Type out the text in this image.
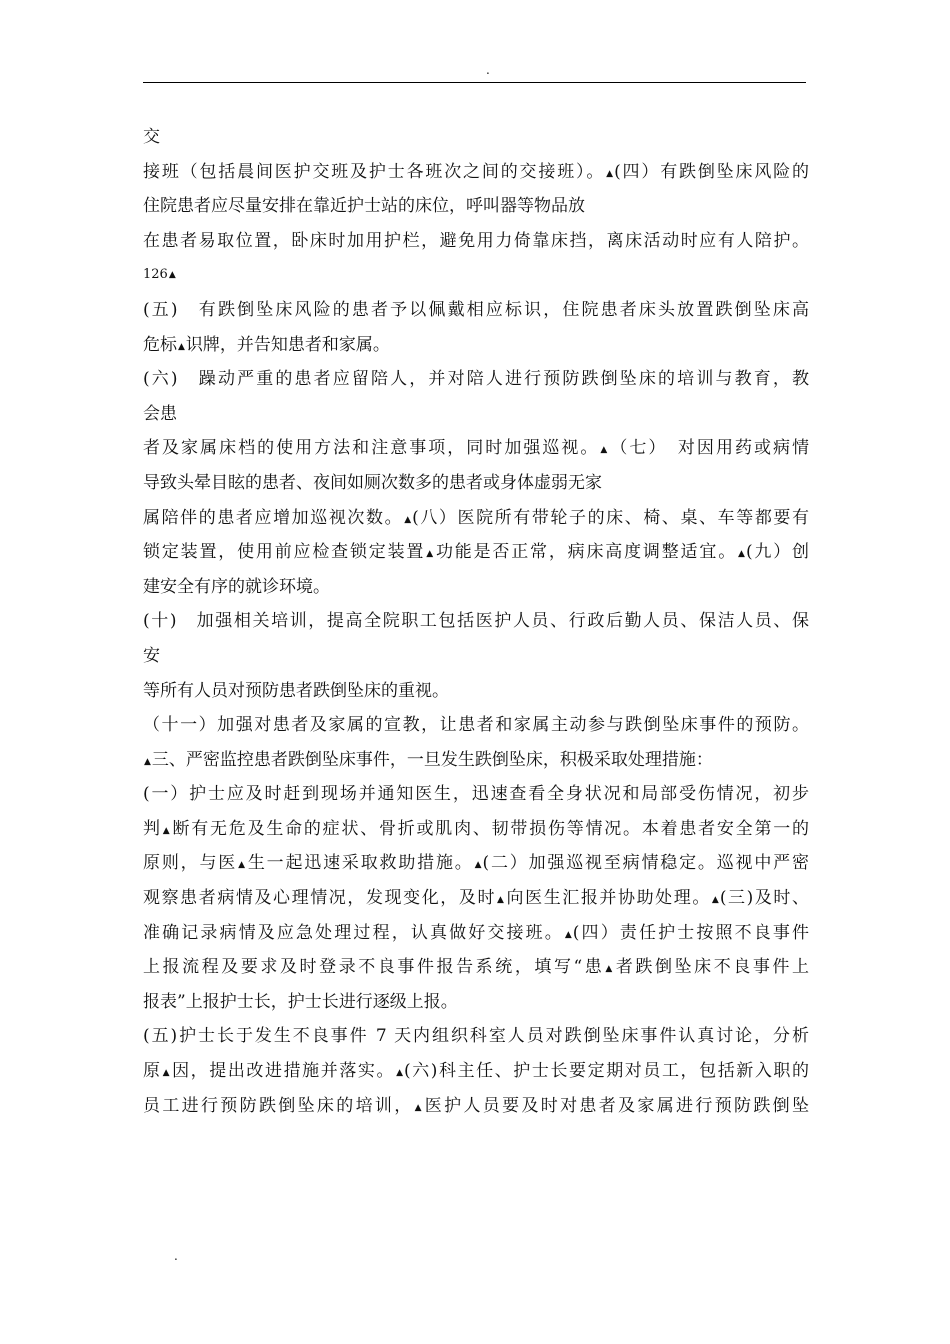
.
交
接班（包括晨间医护交班及护士各班次之间的交接班）。▲(四）有跌倒坠床风险的
住院患者应尽量安排在靠近护士站的床位，呼叫器等物品放
在患者易取位置，卧床时加用护栏，避免用力倚靠床挡，离床活动时应有人陪护。
126▲
(五)　有跌倒坠床风险的患者予以佩戴相应标识，住院患者床头放置跌倒坠床高
危标▲识牌，并告知患者和家属。
(六)　躁动严重的患者应留陪人，并对陪人进行预防跌倒坠床的培训与教育，教
会患
者及家属床档的使用方法和注意事项，同时加强巡视。▲（七）　对因用药或病情
导致头晕目眩的患者、夜间如厕次数多的患者或身体虚弱无家
属陪伴的患者应增加巡视次数。▲(八）医院所有带轮子的床、椅、桌、车等都要有
锁定装置，使用前应检查锁定装置▲功能是否正常，病床高度调整适宜。▲(九）创
建安全有序的就诊环境。
(十)　加强相关培训，提高全院职工包括医护人员、行政后勤人员、保洁人员、保
安
等所有人员对预防患者跌倒坠床的重视。
（十一）加强对患者及家属的宣教，让患者和家属主动参与跌倒坠床事件的预防。
▲三、严密监控患者跌倒坠床事件，一旦发生跌倒坠床，积极采取处理措施：
(一）护士应及时赶到现场并通知医生，迅速查看全身状况和局部受伤情况，初步
判▲断有无危及生命的症状、骨折或肌肉、韧带损伤等情况。本着患者安全第一的
原则，与医▲生一起迅速采取救助措施。▲(二）加强巡视至病情稳定。巡视中严密
观察患者病情及心理情况，发现变化，及时▲向医生汇报并协助处理。▲(三)及时、
准确记录病情及应急处理过程，认真做好交接班。▲(四）责任护士按照不良事件
上报流程及要求及时登录不良事件报告系统，填写“患▲者跌倒坠床不良事件上
报表”上报护士长，护士长进行逐级上报。
(五)护士长于发生不良事件 7 天内组织科室人员对跌倒坠床事件认真讨论，分析
原▲因，提出改进措施并落实。▲(六)科主任、护士长要定期对员工，包括新入职的
员工进行预防跌倒坠床的培训，▲医护人员要及时对患者及家属进行预防跌倒坠
.
